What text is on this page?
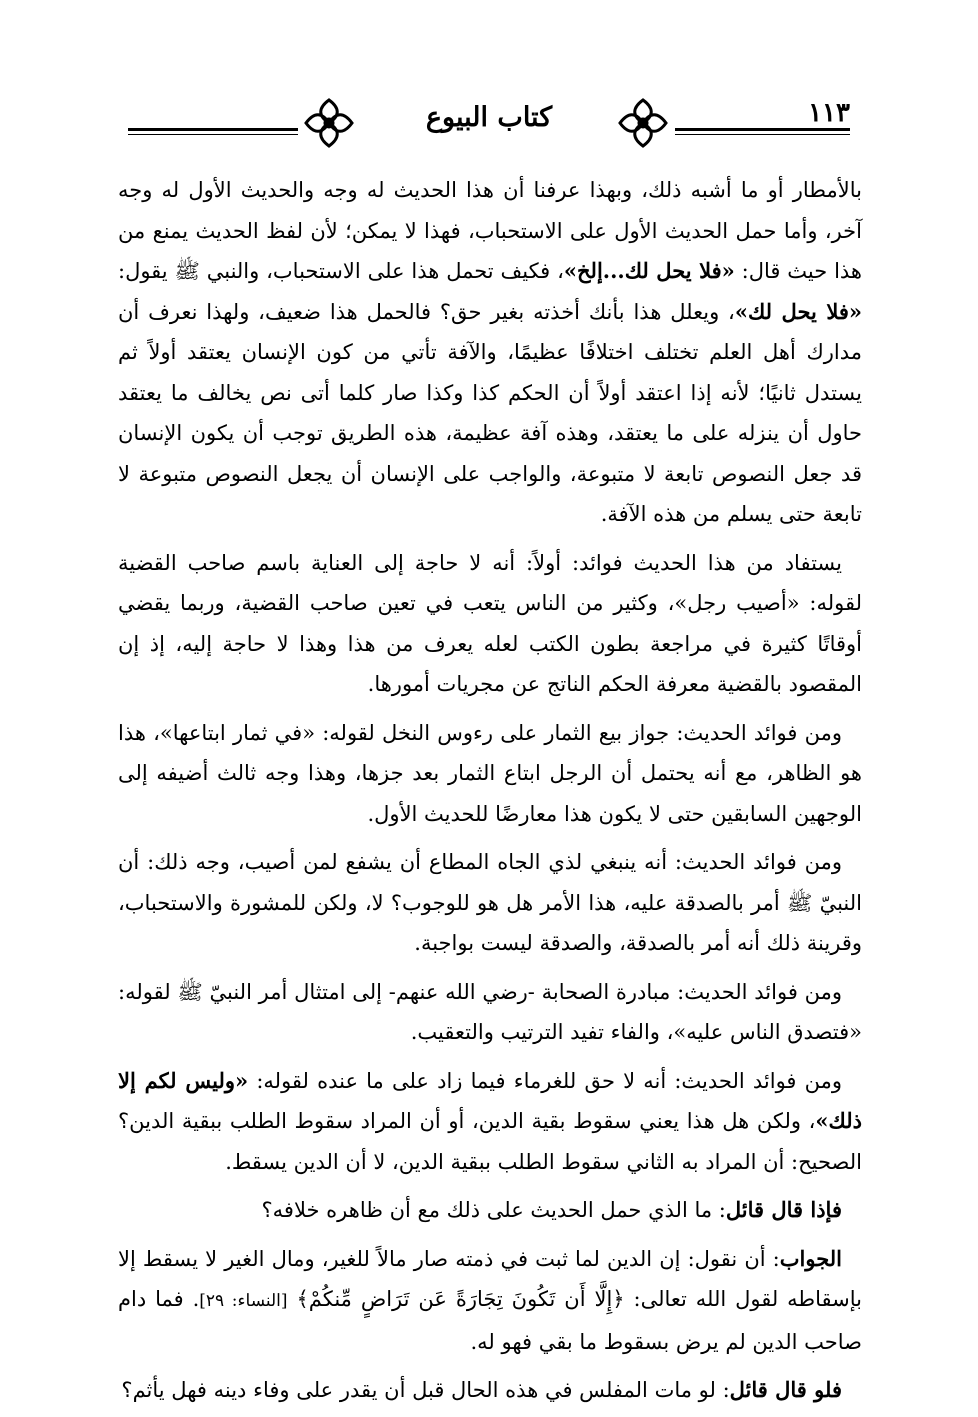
كتاب البيوع	١١٣

بالأمطار أو ما أشبه ذلك، وبهذا عرفنا أن هذا الحديث له وجه والحديث الأول له وجه آخر، وأما حمل الحديث الأول على الاستحباب، فهذا لا يمكن؛ لأن لفظ الحديث يمنع من هذا حيث قال: «فلا يحل لك...إلخ»، فكيف تحمل هذا على الاستحباب، والنبي ﷺ يقول: «فلا يحل لك»، ويعلل هذا بأنك أخذته بغير حق؟ فالحمل هذا ضعيف، ولهذا نعرف أن مدارك أهل العلم تختلف اختلافًا عظيمًا، والآفة تأتي من كون الإنسان يعتقد أولاً ثم يستدل ثانيًا؛ لأنه إذا اعتقد أولاً أن الحكم كذا وكذا صار كلما أتى نص يخالف ما يعتقد حاول أن ينزله على ما يعتقد، وهذه آفة عظيمة، هذه الطريق توجب أن يكون الإنسان قد جعل النصوص تابعة لا متبوعة، والواجب على الإنسان أن يجعل النصوص متبوعة لا تابعة حتى يسلم من هذه الآفة.

يستفاد من هذا الحديث فوائد: أولاً: أنه لا حاجة إلى العناية باسم صاحب القضية لقوله: «أصيب رجل»، وكثير من الناس يتعب في تعين صاحب القضية، وربما يقضي أوقاتًا كثيرة في مراجعة بطون الكتب لعله يعرف من هذا وهذا لا حاجة إليه، إذ إن المقصود بالقضية معرفة الحكم الناتج عن مجريات أمورها.

ومن فوائد الحديث: جواز بيع الثمار على رءوس النخل لقوله: «في ثمار ابتاعها»، هذا هو الظاهر، مع أنه يحتمل أن الرجل ابتاع الثمار بعد جزها، وهذا وجه ثالث أضيفه إلى الوجهين السابقين حتى لا يكون هذا معارضًا للحديث الأول.

ومن فوائد الحديث: أنه ينبغي لذي الجاه المطاع أن يشفع لمن أصيب، وجه ذلك: أن النبيّ ﷺ أمر بالصدقة عليه، هذا الأمر هل هو للوجوب؟ لا، ولكن للمشورة والاستحباب، وقرينة ذلك أنه أمر بالصدقة، والصدقة ليست بواجبة.

ومن فوائد الحديث: مبادرة الصحابة -رضي الله عنهم- إلى امتثال أمر النبيّ ﷺ لقوله: «فتصدق الناس عليه»، والفاء تفيد الترتيب والتعقيب.

ومن فوائد الحديث: أنه لا حق للغرماء فيما زاد على ما عنده لقوله: «وليس لكم إلا ذلك»، ولكن هل هذا يعني سقوط بقية الدين، أو أن المراد سقوط الطلب ببقية الدين؟ الصحيح: أن المراد به الثاني سقوط الطلب ببقية الدين، لا أن الدين يسقط.

فإذا قال قائل: ما الذي حمل الحديث على ذلك مع أن ظاهره خلافه؟

الجواب: أن نقول: إن الدين لما ثبت في ذمته صار مالاً للغير، ومال الغير لا يسقط إلا بإسقاطه لقول الله تعالى: ﴿إِلَّا أَن تَكُونَ تِجَارَةً عَن تَرَاضٍ مِّنكُمْ﴾ [النساء: ٢٩]. فما دام صاحب الدين لم يرض بسقوط ما بقي فهو له.

فلو قال قائل: لو مات المفلس في هذه الحال قبل أن يقدر على وفاء دينه فهل يأثم؟
